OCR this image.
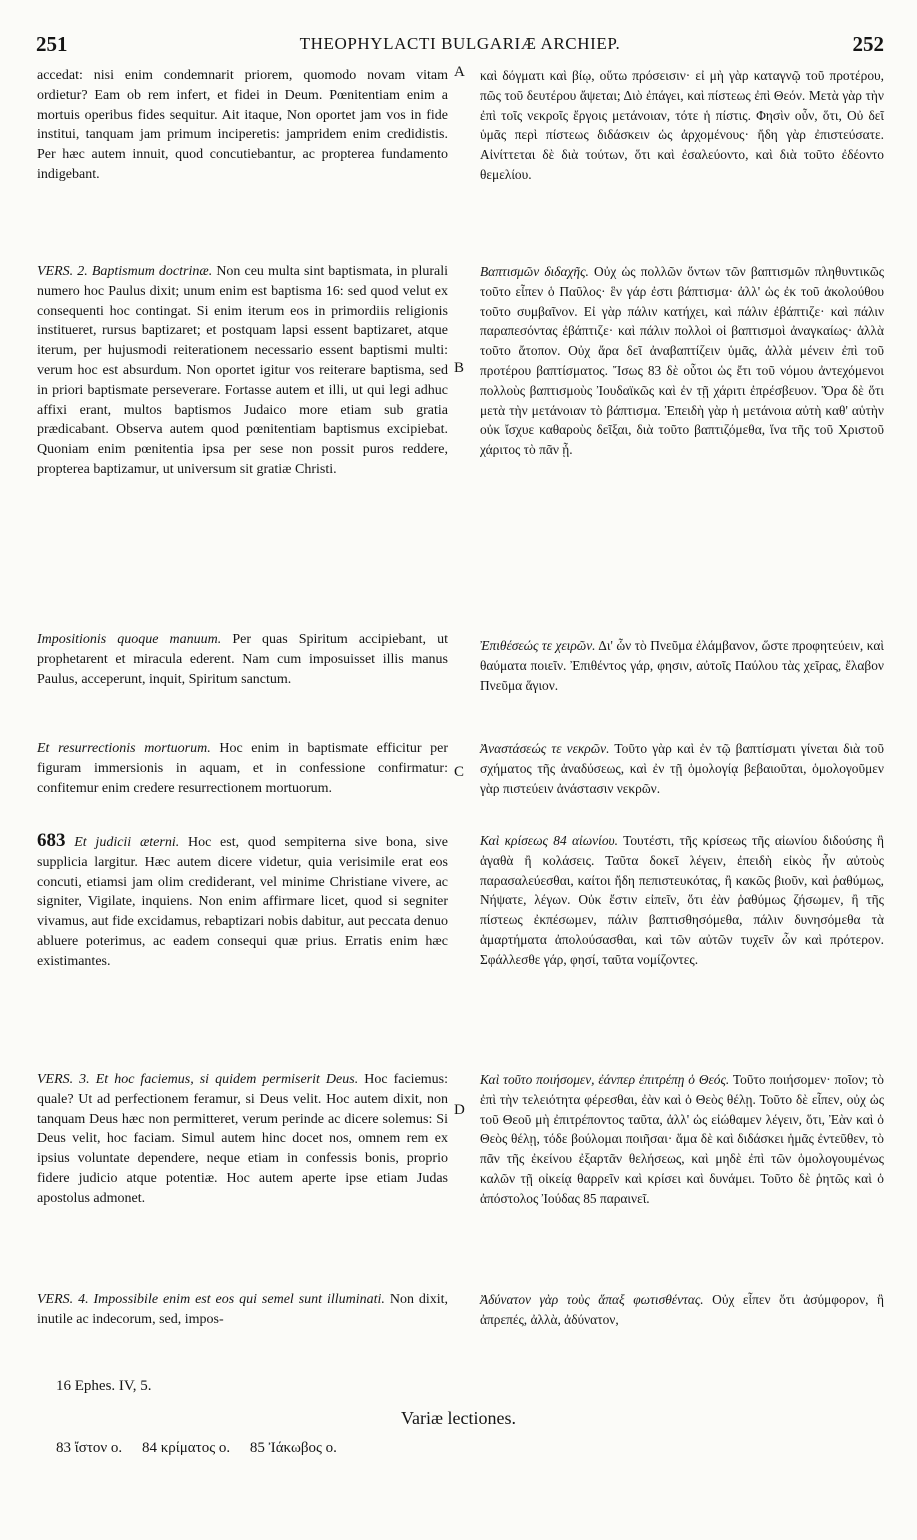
251	THEOPHYLACTI BULGARIÆ ARCHIEP.	252

accedat: nisi enim condemnarit priorem, quomodo novam vitam ordietur? Eam ob rem infert, et fidei in Deum. Pœnitentiam enim a mortuis operibus fides sequitur. Ait itaque, Non oportet jam vos in fide institui, tanquam jam primum inciperetis: jampridem enim credidistis. Per hæc autem innuit, quod concutiebantur, ac propterea fundamento indigebant.

VERS. 2. Baptismum doctrinæ. Non ceu multa sint baptismata, in plurali numero hoc Paulus dixit; unum enim est baptisma 16: sed quod velut ex consequenti hoc contingat. Si enim iterum eos in primordiis religionis institueret, rursus baptizaret; et postquam lapsi essent baptizaret, atque iterum, per hujusmodi reiterationem necessario essent baptismi multi: verum hoc est absurdum. Non oportet igitur vos reiterare baptisma, sed in priori baptismate perseverare. Fortasse autem et illi, ut qui legi adhuc affixi erant, multos baptismos Judaico more etiam sub gratia prædicabant. Observa autem quod pœnitentiam baptismus excipiebat. Quoniam enim pœnitentia ipsa per sese non possit puros reddere, propterea baptizamur, ut universum sit gratiæ Christi.

Impositionis quoque manuum. Per quas Spiritum accipiebant, ut prophetarent et miracula ederent. Nam cum imposuisset illis manus Paulus, acceperunt, inquit, Spiritum sanctum.

Et resurrectionis mortuorum. Hoc enim in baptismate efficitur per figuram immersionis in aquam, et in confessione confirmatur: confitemur enim credere resurrectionem mortuorum.

683 Et judicii æterni. Hoc est, quod sempiterna sive bona, sive supplicia largitur. Hæc autem dicere videtur, quia verisimile erat eos concuti, etiamsi jam olim crediderant, vel minime Christiane vivere, ac signiter, Vigilate, inquiens. Non enim affirmare licet, quod si segniter vivamus, aut fide excidamus, rebaptizari nobis dabitur, aut peccata denuo abluere poterimus, ac eadem consequi quæ prius. Erratis enim hæc existimantes.

VERS. 3. Et hoc faciemus, si quidem permiserit Deus. Hoc faciemus: quale? Ut ad perfectionem feramur, si Deus velit. Hoc autem dixit, non tanquam Deus hæc non permitteret, verum perinde ac dicere solemus: Si Deus velit, hoc faciam. Simul autem hinc docet nos, omnem rem ex ipsius voluntate dependere, neque etiam in confessis bonis, proprio fidere judicio atque potentiæ. Hoc autem aperte ipse etiam Judas apostolus admonet.

VERS. 4. Impossibile enim est eos qui semel sunt illuminati. Non dixit, inutile ac indecorum, sed, impos-

A
B
C
D

καὶ δόγματι καὶ βίῳ, οὕτω πρόσεισιν· εἰ μὴ γὰρ καταγνῷ τοῦ προτέρου, πῶς τοῦ δευτέρου ἄψεται; Διὸ ἐπάγει, καὶ πίστεως ἐπὶ Θεόν. Μετὰ γὰρ τὴν ἐπὶ τοῖς νεκροῖς ἔργοις μετάνοιαν, τότε ἡ πίστις. Φησὶν οὖν, ὅτι, Οὐ δεῖ ὑμᾶς περὶ πίστεως διδάσκειν ὡς ἀρχομένους· ἤδη γὰρ ἐπιστεύσατε. Αἰνίττεται δὲ διὰ τούτων, ὅτι καὶ ἐσαλεύοντο, καὶ διὰ τοῦτο ἐδέοντο θεμελίου.

Βαπτισμῶν διδαχῆς. Οὐχ ὡς πολλῶν ὄντων τῶν βαπτισμῶν πληθυντικῶς τοῦτο εἶπεν ὁ Παῦλος· ἓν γάρ ἐστι βάπτισμα· ἀλλ' ὡς ἐκ τοῦ ἀκολούθου τοῦτο συμβαῖνον. Εἰ γὰρ πάλιν κατήχει, καὶ πάλιν ἐβάπτιζε· καὶ πάλιν παραπεσόντας ἐβάπτιζε· καὶ πάλιν πολλοὶ οἱ βαπτισμοὶ ἀναγκαίως· ἀλλὰ τοῦτο ἄτοπον. Οὐχ ἄρα δεῖ ἀναβαπτίζειν ὑμᾶς, ἀλλὰ μένειν ἐπὶ τοῦ προτέρου βαπτίσματος. Ἴσως 83 δὲ οὗτοι ὡς ἔτι τοῦ νόμου ἀντεχόμενοι πολλοὺς βαπτισμοὺς Ἰουδαϊκῶς καὶ ἐν τῇ χάριτι ἐπρέσβευον. Ὅρα δὲ ὅτι μετὰ τὴν μετάνοιαν τὸ βάπτισμα. Ἐπειδὴ γὰρ ἡ μετάνοια αὐτὴ καθ' αὑτὴν οὐκ ἴσχυε καθαροὺς δεῖξαι, διὰ τοῦτο βαπτιζόμεθα, ἵνα τῆς τοῦ Χριστοῦ χάριτος τὸ πᾶν ᾖ.

Ἐπιθέσεώς τε χειρῶν. Δι' ὧν τὸ Πνεῦμα ἐλάμβανον, ὥστε προφητεύειν, καὶ θαύματα ποιεῖν. Ἐπιθέντος γάρ, φησιν, αὐτοῖς Παύλου τὰς χεῖρας, ἔλαβον Πνεῦμα ἅγιον.

Ἀναστάσεώς τε νεκρῶν. Τοῦτο γὰρ καὶ ἐν τῷ βαπτίσματι γίνεται διὰ τοῦ σχήματος τῆς ἀναδύσεως, καὶ ἐν τῇ ὁμολογίᾳ βεβαιοῦται, ὁμολογοῦμεν γὰρ πιστεύειν ἀνάστασιν νεκρῶν.

Καὶ κρίσεως 84 αἰωνίου. Τουτέστι, τῆς κρίσεως τῆς αἰωνίου διδούσης ἢ ἀγαθὰ ἢ κολάσεις. Ταῦτα δοκεῖ λέγειν, ἐπειδὴ εἰκὸς ἦν αὐτοὺς παρασαλεύεσθαι, καίτοι ἤδη πεπιστευκότας, ἢ κακῶς βιοῦν, καὶ ῥαθύμως, Νήψατε, λέγων. Οὐκ ἔστιν εἰπεῖν, ὅτι ἐὰν ῥαθύμως ζήσωμεν, ἢ τῆς πίστεως ἐκπέσωμεν, πάλιν βαπτισθησόμεθα, πάλιν δυνησόμεθα τὰ ἁμαρτήματα ἀπολούσασθαι, καὶ τῶν αὐτῶν τυχεῖν ὧν καὶ πρότερον. Σφάλλεσθε γάρ, φησί, ταῦτα νομίζοντες.

Καὶ τοῦτο ποιήσομεν, ἐάνπερ ἐπιτρέπῃ ὁ Θεός. Τοῦτο ποιήσομεν· ποῖον; τὸ ἐπὶ τὴν τελειότητα φέρεσθαι, ἐὰν καὶ ὁ Θεὸς θέλῃ. Τοῦτο δὲ εἶπεν, οὐχ ὡς τοῦ Θεοῦ μὴ ἐπιτρέποντος ταῦτα, ἀλλ' ὡς εἰώθαμεν λέγειν, ὅτι, Ἐὰν καὶ ὁ Θεὸς θέλῃ, τόδε βούλομαι ποιῆσαι· ἅμα δὲ καὶ διδάσκει ἡμᾶς ἐντεῦθεν, τὸ πᾶν τῆς ἐκείνου ἐξαρτᾶν θελήσεως, καὶ μηδὲ ἐπὶ τῶν ὁμολογουμένως καλῶν τῇ οἰκείᾳ θαρρεῖν καὶ κρίσει καὶ δυνάμει. Τοῦτο δὲ ῥητῶς καὶ ὁ ἀπόστολος Ἰούδας 85 παραινεῖ.

Ἀδύνατον γὰρ τοὺς ἅπαξ φωτισθέντας. Οὐχ εἶπεν ὅτι ἀσύμφορον, ἢ ἀπρεπές, ἀλλὰ, ἀδύνατον,

16 Ephes. IV, 5.
Variæ lectiones.
83 ἴστον ο. 84 κρίματος ο. 85 Ἰάκωβος ο.
